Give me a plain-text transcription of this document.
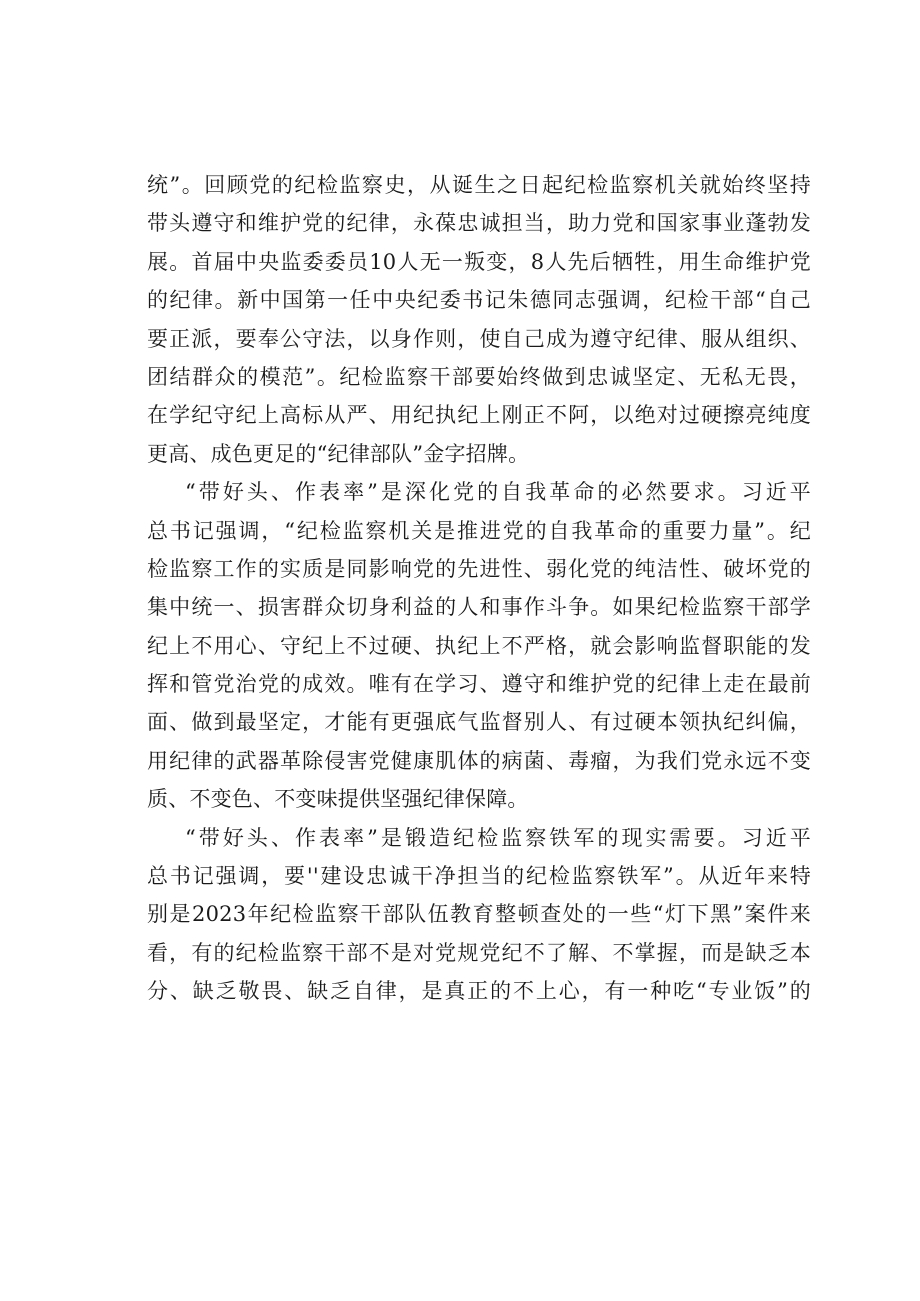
统”。回顾党的纪检监察史，从诞生之日起纪检监察机关就始终坚持
带头遵守和维护党的纪律，永葆忠诚担当，助力党和国家事业蓬勃发
展。首届中央监委委员10人无一叛变，8人先后牺牲，用生命维护党
的纪律。新中国第一任中央纪委书记朱德同志强调，纪检干部“自己
要正派，要奉公守法，以身作则，使自己成为遵守纪律、服从组织、
团结群众的模范”。纪检监察干部要始终做到忠诚坚定、无私无畏，
在学纪守纪上高标从严、用纪执纪上刚正不阿，以绝对过硬擦亮纯度
更高、成色更足的“纪律部队”金字招牌。
“带好头、作表率”是深化党的自我革命的必然要求。习近平
总书记强调，“纪检监察机关是推进党的自我革命的重要力量”。纪
检监察工作的实质是同影响党的先进性、弱化党的纯洁性、破坏党的
集中统一、损害群众切身利益的人和事作斗争。如果纪检监察干部学
纪上不用心、守纪上不过硬、执纪上不严格，就会影响监督职能的发
挥和管党治党的成效。唯有在学习、遵守和维护党的纪律上走在最前
面、做到最坚定，才能有更强底气监督别人、有过硬本领执纪纠偏，
用纪律的武器革除侵害党健康肌体的病菌、毒瘤，为我们党永远不变
质、不变色、不变味提供坚强纪律保障。
“带好头、作表率”是锻造纪检监察铁军的现实需要。习近平
总书记强调，要''建设忠诚干净担当的纪检监察铁军”。从近年来特
别是2023年纪检监察干部队伍教育整顿查处的一些“灯下黑”案件来
看，有的纪检监察干部不是对党规党纪不了解、不掌握，而是缺乏本
分、缺乏敬畏、缺乏自律，是真正的不上心，有一种吃“专业饭”的
